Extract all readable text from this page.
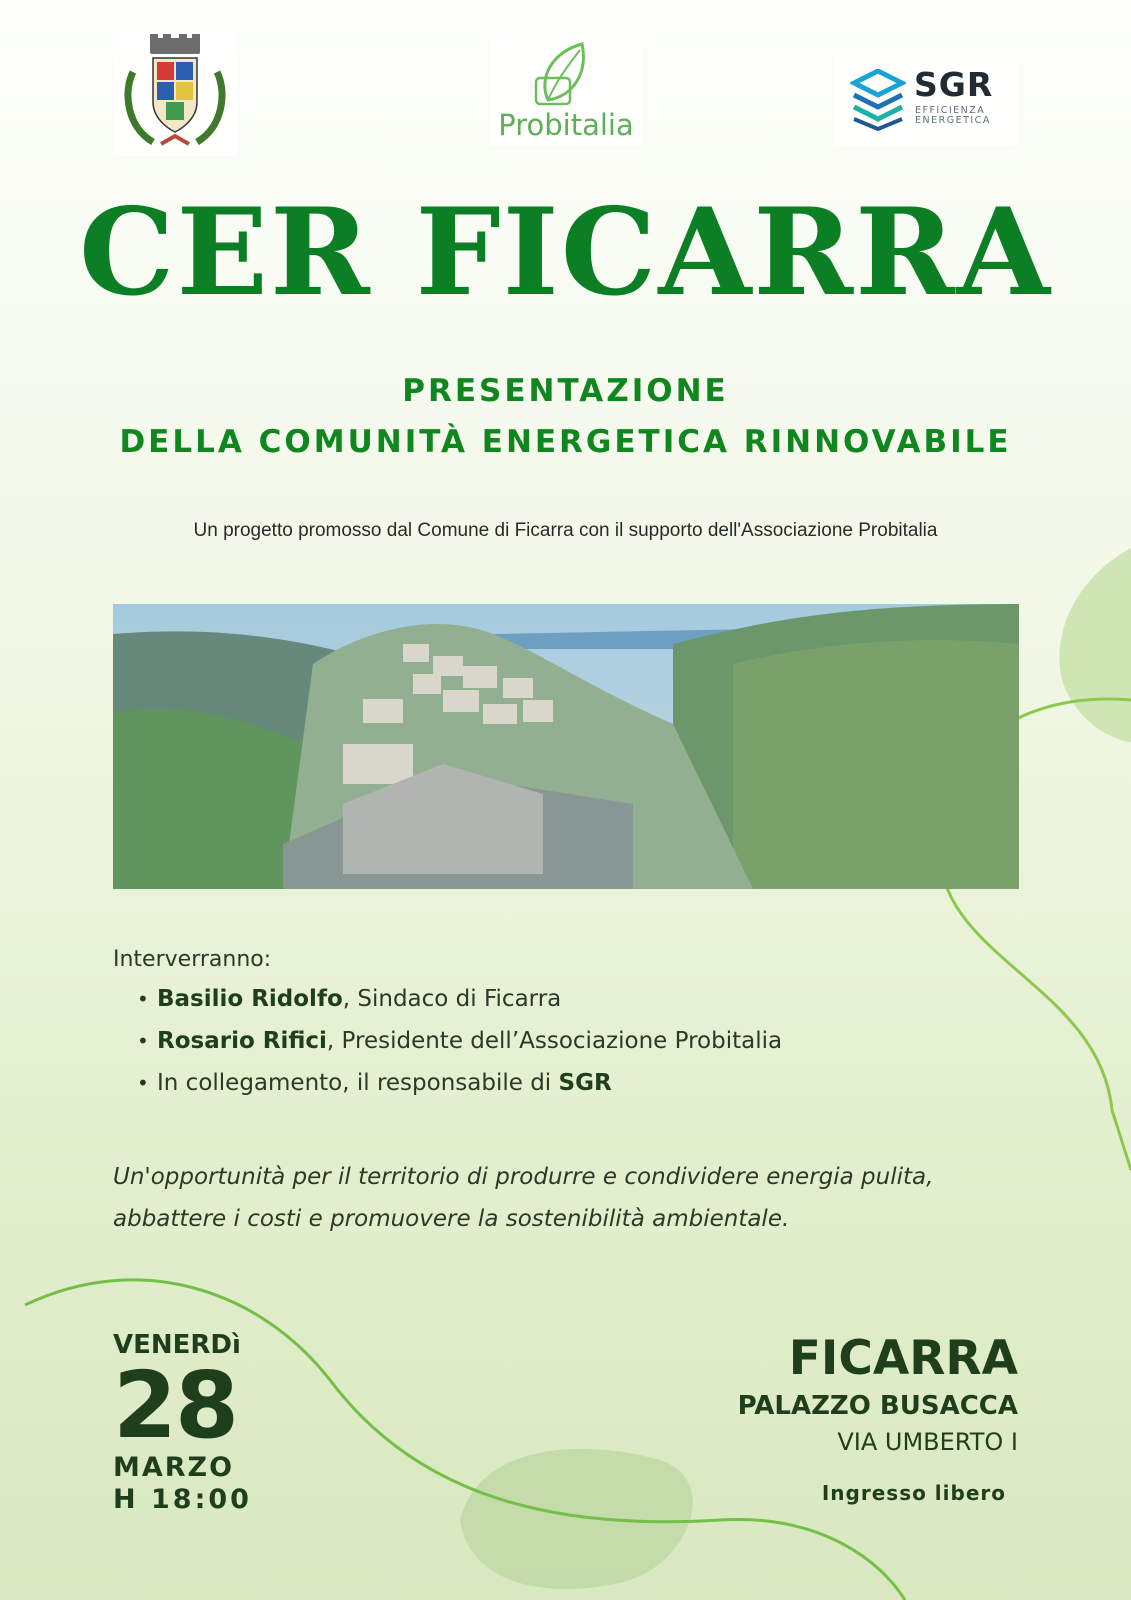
Probitalia
SGR
EFFICIENZA
ENERGETICA
CER FICARRA
PRESENTAZIONE
DELLA COMUNITÀ ENERGETICA RINNOVABILE
Un progetto promosso dal Comune di Ficarra con il supporto dell'Associazione Probitalia
Interverranno:
• Basilio Ridolfo, Sindaco di Ficarra
• Rosario Rifici, Presidente dell’Associazione Probitalia
• In collegamento, il responsabile di SGR
Un'opportunità per il territorio di produrre e condividere energia pulita,
abbattere i costi e promuovere la sostenibilità ambientale.
VENERDì
28
MARZO
H 18:00
FICARRA
PALAZZO BUSACCA
VIA UMBERTO I
Ingresso libero
